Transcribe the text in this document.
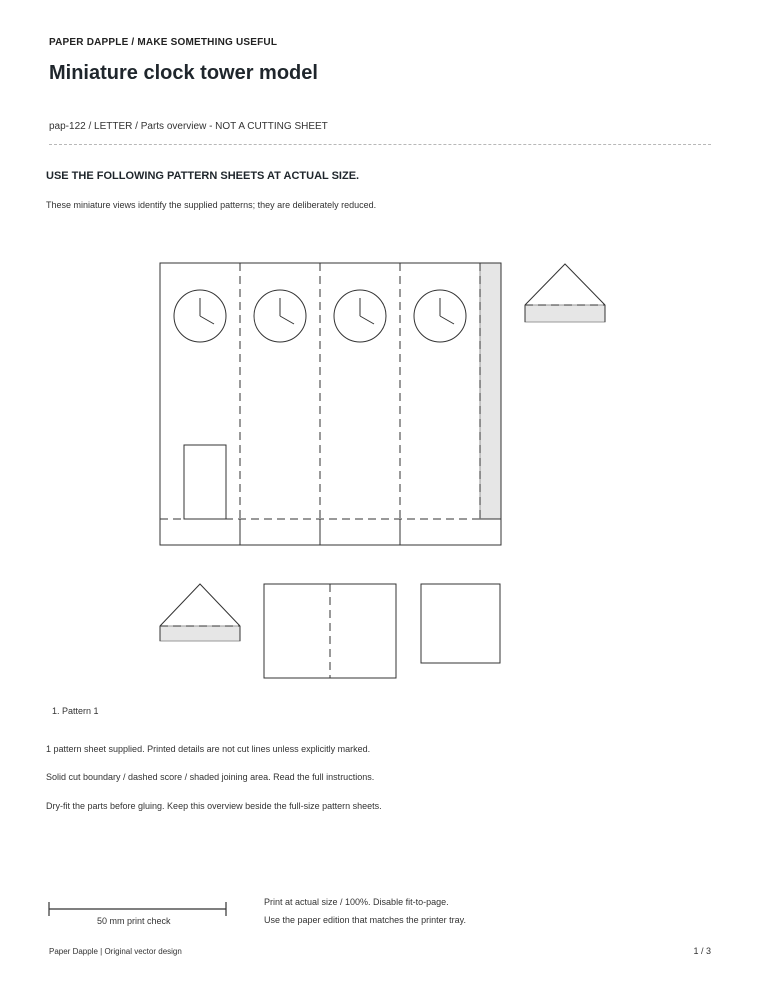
PAPER DAPPLE / MAKE SOMETHING USEFUL
Miniature clock tower model
pap-122 / LETTER / Parts overview - NOT A CUTTING SHEET
USE THE FOLLOWING PATTERN SHEETS AT ACTUAL SIZE.
These miniature views identify the supplied patterns; they are deliberately reduced.
1. Pattern 1
1 pattern sheet supplied. Printed details are not cut lines unless explicitly marked.
Solid cut boundary / dashed score / shaded joining area. Read the full instructions.
Dry-fit the parts before gluing. Keep this overview beside the full-size pattern sheets.
50 mm print check
Print at actual size / 100%. Disable fit-to-page.
Use the paper edition that matches the printer tray.
Paper Dapple | Original vector design	1 / 3
